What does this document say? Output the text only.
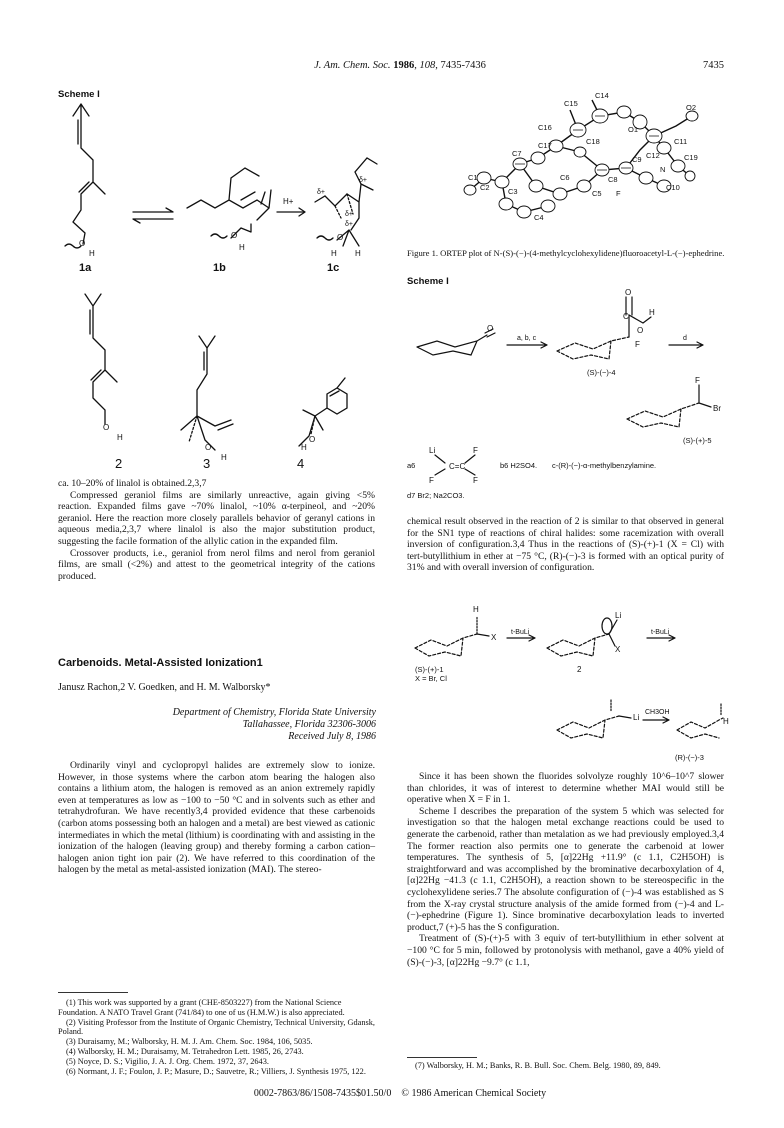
J. Am. Chem. Soc. 1986, 108, 7435-7436	7435
Scheme I
O
H
O
H
O
δ+
H H
O
H
O
H
H
O
δ+
δ+
δ+
H+
1a	1b	1c
2	3	4

ca. 10–20% of linalol is obtained.2,3,7

Compressed geraniol films are similarly unreactive, again giving <5% reaction. Expanded films gave ~70% linalol, ~10% α-terpineol, and ~20% geraniol. Here the reaction more closely parallels behavior of geranyl cations in aqueous media,2,3,7 where linalol is also the major substitution product, suggesting the facile formation of the allylic cation in the expanded film.

Crossover products, i.e., geraniol from nerol films and nerol from geraniol films, are small (<2%) and attest to the geometrical integrity of the cations produced.

Carbenoids. Metal-Assisted Ionization1
Janusz Rachon,2 V. Goedken, and H. M. Walborsky*
Department of Chemistry, Florida State University
Tallahassee, Florida 32306-3006
Received July 8, 1986

Ordinarily vinyl and cyclopropyl halides are extremely slow to ionize. However, in those systems where the carbon atom bearing the halogen also contains a lithium atom, the halogen is removed as an anion extremely rapidly even at temperatures as low as −100 to −50 °C and in solvents such as ether and tetrahydrofuran. We have recently3,4 provided evidence that these carbenoids (carbon atoms possessing both an halogen and a metal) are best viewed as cationic intermediates in which the metal (lithium) is coordinating with and assisting in the ionization of the halogen (leaving group) and thereby forming a carbon cation–halogen anion tight ion pair (2). We have referred to this coordination of the halogen by the metal as metal-assisted ionization (MAI). The stereo-

(1) This work was supported by a grant (CHE-8503227) from the National Science Foundation. A NATO Travel Grant (741/84) to one of us (H.M.W.) is also appreciated.
(2) Visiting Professor from the Institute of Organic Chemistry, Technical University, Gdansk, Poland.
(3) Duraisamy, M.; Walborsky, H. M. J. Am. Chem. Soc. 1984, 106, 5035.
(4) Walborsky, H. M.; Duraisamy, M. Tetrahedron Lett. 1985, 26, 2743.
(5) Noyce, D. S.; Vigilio, J. A. J. Org. Chem. 1972, 37, 2643.
(6) Normant, J. F.; Foulon, J. P.; Masure, D.; Sauvetre, R.; Villiers, J. Synthesis 1975, 122.
C15
C14
O2
C16	O1
C18	C11
C17
C12	C19
C7
C6
C9
N
C1
C2
C8
C10
C3	C5 F
C4
Figure 1. ORTEP plot of N-(S)-(−)-(4-methylcyclohexylidene)fluoroacetyl-L-(−)-ephedrine.
Scheme I
O
O
C	H
O
F
F
Br
Li	F
C=C
F	F
a, b, c	d
(S)-(−)-4
(S)-(+)-5
a6	b6 H2SO4. c-(R)-(−)-α-methylbenzylamine.
d7 Br2; Na2CO3.

chemical result observed in the reaction of 2 is similar to that observed in general for the SN1 type of reactions of chiral halides: some racemization with overall inversion of configuration.3,4 Thus in the reactions of (S)-(+)-1 (X = Cl) with tert-butyllithium in ether at −75 °C, (R)-(−)-3 is formed with an optical purity of 31% and with overall inversion of configuration.

H
X
Li
X
Li	H
t-BuLi	t-BuLi
CH3OH
(S)-(+)-1
X = Br, Cl
2
(R)-(−)-3

Since it has been shown the fluorides solvolyze roughly 10^6–10^7 slower than chlorides, it was of interest to determine whether MAI would still be operative when X = F in 1.

Scheme I describes the preparation of the system 5 which was selected for investigation so that the halogen metal exchange reactions could be used to generate the carbenoid, rather than metalation as we had previously employed.3,4 The former reaction also permits one to generate the carbenoid at lower temperatures. The synthesis of 5, [α]22Hg +11.9° (c 1.1, C2H5OH) is straightforward and was accomplished by the brominative decarboxylation of 4, [α]22Hg −41.3 (c 1.1, C2H5OH), a reaction shown to be stereospecific in the cyclohexylidene series.7 The absolute configuration of (−)-4 was established as S from the X-ray crystal structure analysis of the amide formed from (−)-4 and L-(−)-ephedrine (Figure 1). Since brominative decarboxylation leads to inverted product,7 (+)-5 has the S configuration.

Treatment of (S)-(+)-5 with 3 equiv of tert-butyllithium in ether solvent at −100 °C for 5 min, followed by protonolysis with methanol, gave a 40% yield of (S)-(−)-3, [α]22Hg −9.7° (c 1.1,

(7) Walborsky, H. M.; Banks, R. B. Bull. Soc. Chem. Belg. 1980, 89, 849.
0002-7863/86/1508-7435$01.50/0 © 1986 American Chemical Society
